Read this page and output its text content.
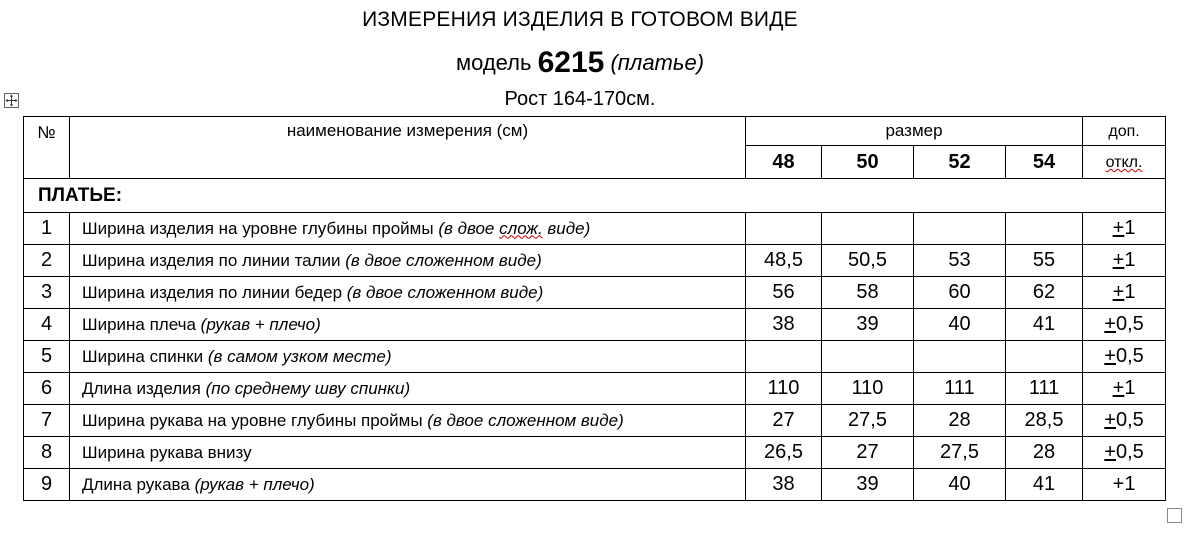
ИЗМЕРЕНИЯ ИЗДЕЛИЯ В ГОТОВОМ ВИДЕ
модель 6215 (платье)
Рост 164-170см.
№	наименование измерения (см)	размер				доп.
		48	50	52	54	откл.
ПЛАТЬЕ:						
1	Ширина изделия на уровне глубины проймы (в двое слож. виде)					+1
2	Ширина изделия по линии талии (в двое сложенном виде)	48,5	50,5	53	55	+1
3	Ширина изделия по линии бедер (в двое сложенном виде)	56	58	60	62	+1
4	Ширина плеча (рукав + плечо)	38	39	40	41	+0,5
5	Ширина спинки (в самом узком месте)					+0,5
6	Длина изделия (по среднему шву спинки)	110	110	111	111	+1
7	Ширина рукава на уровне глубины проймы (в двое сложенном виде)	27	27,5	28	28,5	+0,5
8	Ширина рукава внизу	26,5	27	27,5	28	+0,5
9	Длина рукава (рукав + плечо)	38	39	40	41	+1
